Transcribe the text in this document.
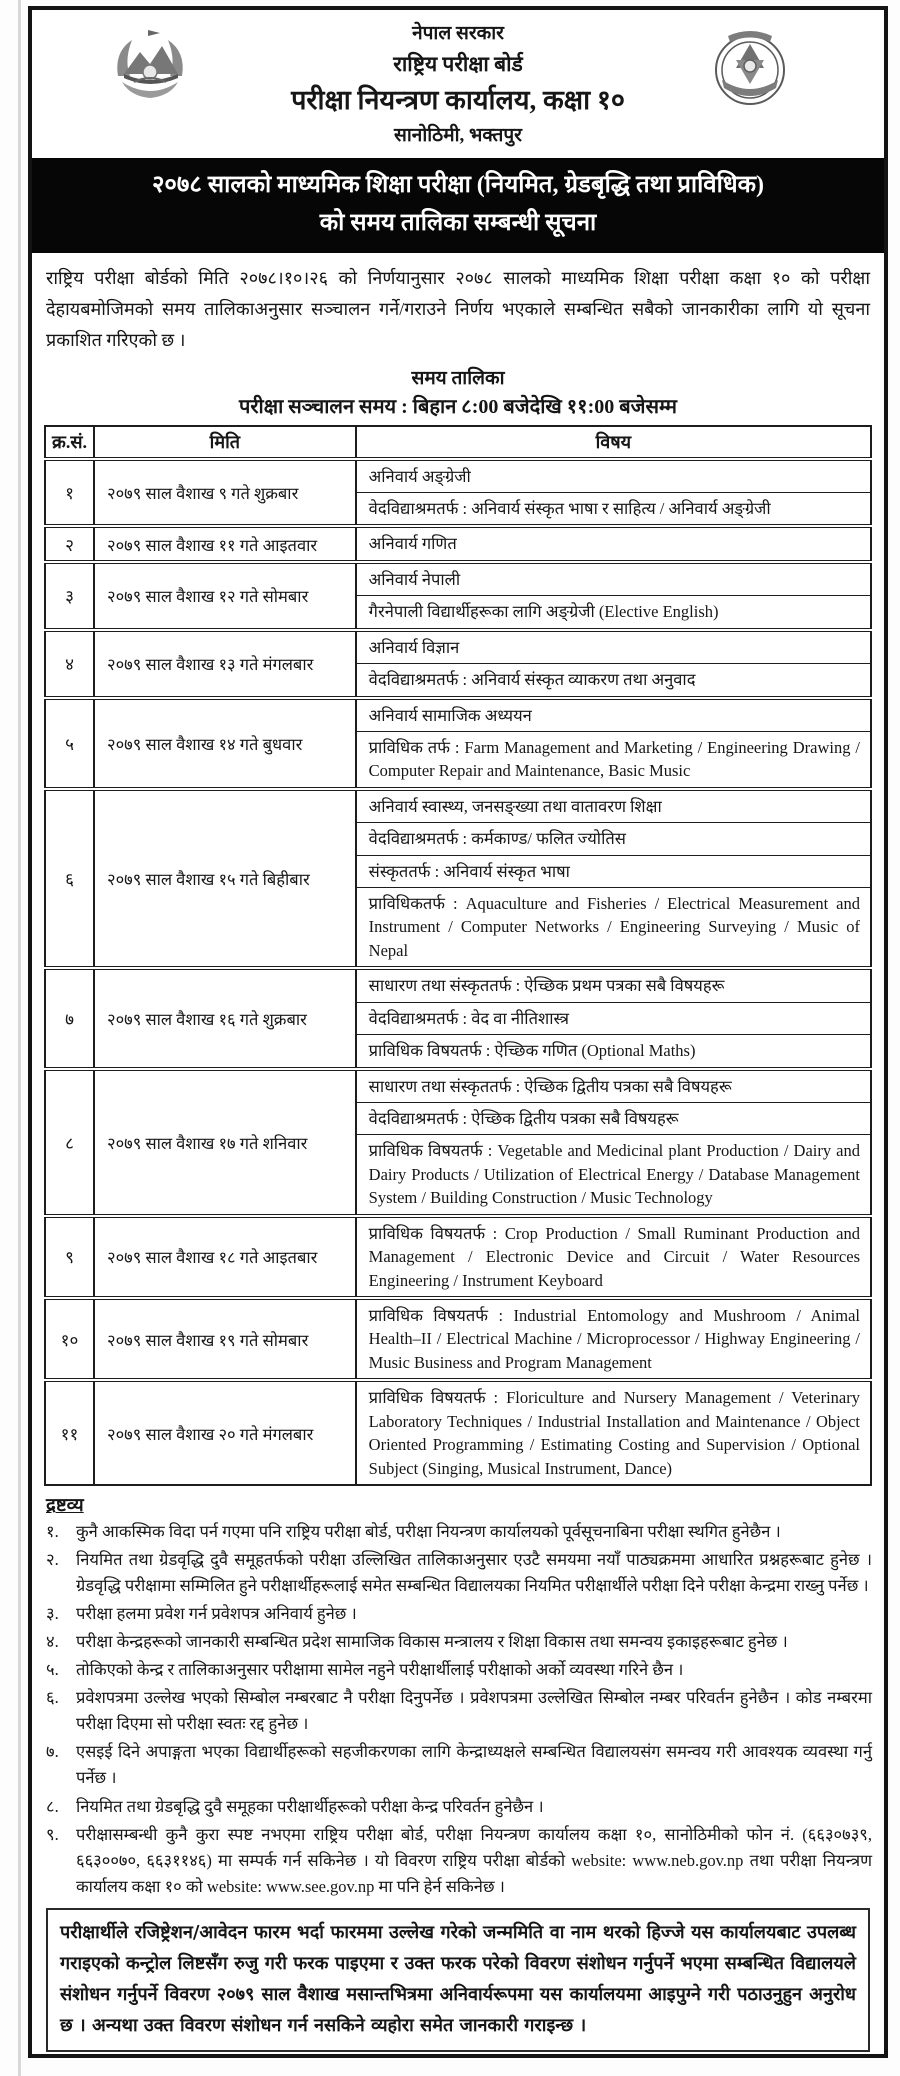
नेपाल सरकार
राष्ट्रिय परीक्षा बोर्ड
परीक्षा नियन्त्रण कार्यालय, कक्षा १०
सानोठिमी, भक्तपुर
२०७८ सालको माध्यमिक शिक्षा परीक्षा (नियमित, ग्रेडबृद्धि तथा प्राविधिक)
को समय तालिका सम्बन्धी सूचना
राष्ट्रिय परीक्षा बोर्डको मिति २०७८।१०।२६ को निर्णयानुसार २०७८ सालको माध्यमिक शिक्षा परीक्षा कक्षा १० को परीक्षा देहायबमोजिमको समय तालिकाअनुसार सञ्चालन गर्ने/गराउने निर्णय भएकाले सम्बन्धित सबैको जानकारीका लागि यो सूचना प्रकाशित गरिएको छ ।
समय तालिका
परीक्षा सञ्चालन समय : बिहान ८:00 बजेदेखि ११:00 बजेसम्म
क्र.सं.	मिति	विषय
१	२०७९ साल वैशाख ९ गते शुक्रबार	अनिवार्य अङ्ग्रेजी
वेदविद्याश्रमतर्फ : अनिवार्य संस्कृत भाषा र साहित्य / अनिवार्य अङ्ग्रेजी

२	२०७९ साल वैशाख ११ गते आइतवार	अनिवार्य गणित

३	२०७९ साल वैशाख १२ गते सोमबार	अनिवार्य नेपाली
गैरनेपाली विद्यार्थीहरूका लागि अङ्ग्रेजी (Elective English)

४	२०७९ साल वैशाख १३ गते मंगलबार	अनिवार्य विज्ञान
वेदविद्याश्रमतर्फ : अनिवार्य संस्कृत व्याकरण तथा अनुवाद

५	२०७९ साल वैशाख १४ गते बुधवार	अनिवार्य सामाजिक अध्ययन
प्राविधिक तर्फ : Farm Management and Marketing / Engineering Drawing / Computer Repair and Maintenance, Basic Music

६	२०७९ साल वैशाख १५ गते बिहीबार	अनिवार्य स्वास्थ्य, जनसङ्ख्या तथा वातावरण शिक्षा
वेदविद्याश्रमतर्फ : कर्मकाण्ड/ फलित ज्योतिस
संस्कृततर्फ : अनिवार्य संस्कृत भाषा
प्राविधिकतर्फ : Aquaculture and Fisheries / Electrical Measurement and Instrument / Computer Networks / Engineering Surveying / Music of Nepal

७	२०७९ साल वैशाख १६ गते शुक्रबार	साधारण तथा संस्कृततर्फ : ऐच्छिक प्रथम पत्रका सबै विषयहरू
वेदविद्याश्रमतर्फ : वेद वा नीतिशास्त्र
प्राविधिक विषयतर्फ : ऐच्छिक गणित (Optional Maths)

८	२०७९ साल वैशाख १७ गते शनिवार	साधारण तथा संस्कृततर्फ : ऐच्छिक द्वितीय पत्रका सबै विषयहरू
वेदविद्याश्रमतर्फ : ऐच्छिक द्वितीय पत्रका सबै विषयहरू
प्राविधिक विषयतर्फ : Vegetable and Medicinal plant Production / Dairy and Dairy Products / Utilization of Electrical Energy / Database Management System / Building Construction / Music Technology

९	२०७९ साल वैशाख १८ गते आइतबार	प्राविधिक विषयतर्फ : Crop Production / Small Ruminant Production and Management / Electronic Device and Circuit / Water Resources Engineering / Instrument Keyboard

१०	२०७९ साल वैशाख १९ गते सोमबार	प्राविधिक विषयतर्फ : Industrial Entomology and Mushroom / Animal Health–II / Electrical Machine / Microprocessor / Highway Engineering / Music Business and Program Management

११	२०७९ साल वैशाख २० गते मंगलबार	प्राविधिक विषयतर्फ : Floriculture and Nursery Management / Veterinary Laboratory Techniques / Industrial Installation and Maintenance / Object Oriented Programming / Estimating Costing and Supervision / Optional Subject (Singing, Musical Instrument, Dance)
द्रष्टव्य
१.	कुनै आकस्मिक विदा पर्न गएमा पनि राष्ट्रिय परीक्षा बोर्ड, परीक्षा नियन्त्रण कार्यालयको पूर्वसूचनाबिना परीक्षा स्थगित हुनेछैन ।
२.	नियमित तथा ग्रेडवृद्धि दुवै समूहतर्फको परीक्षा उल्लिखित तालिकाअनुसार एउटै समयमा नयाँ पाठ्यक्रममा आधारित प्रश्नहरूबाट हुनेछ । ग्रेडवृद्धि परीक्षामा सम्मिलित हुने परीक्षार्थीहरूलाई समेत सम्बन्धित विद्यालयका नियमित परीक्षार्थीले परीक्षा दिने परीक्षा केन्द्रमा राख्नु पर्नेछ ।
३.	परीक्षा हलमा प्रवेश गर्न प्रवेशपत्र अनिवार्य हुनेछ ।
४.	परीक्षा केन्द्रहरूको जानकारी सम्बन्धित प्रदेश सामाजिक विकास मन्त्रालय र शिक्षा विकास तथा समन्वय इकाइहरूबाट हुनेछ ।
५.	तोकिएको केन्द्र र तालिकाअनुसार परीक्षामा सामेल नहुने परीक्षार्थीलाई परीक्षाको अर्को व्यवस्था गरिने छैन ।
६.	प्रवेशपत्रमा उल्लेख भएको सिम्बोल नम्बरबाट नै परीक्षा दिनुपर्नेछ । प्रवेशपत्रमा उल्लेखित सिम्बोल नम्बर परिवर्तन हुनेछैन । कोड नम्बरमा परीक्षा दिएमा सो परीक्षा स्वतः रद्द हुनेछ ।
७.	एसइई दिने अपाङ्गता भएका विद्यार्थीहरूको सहजीकरणका लागि केन्द्राध्यक्षले सम्बन्धित विद्यालयसंग समन्वय गरी आवश्यक व्यवस्था गर्नु पर्नेछ ।
८.	नियमित तथा ग्रेडबृद्धि दुवै समूहका परीक्षार्थीहरूको परीक्षा केन्द्र परिवर्तन हुनेछैन ।
९.	परीक्षासम्बन्धी कुनै कुरा स्पष्ट नभएमा राष्ट्रिय परीक्षा बोर्ड, परीक्षा नियन्त्रण कार्यालय कक्षा १०, सानोठिमीको फोन नं. (६६३०७३९, ६६३००७०, ६६३११४६) मा सम्पर्क गर्न सकिनेछ । यो विवरण राष्ट्रिय परीक्षा बोर्डको website: www.neb.gov.np तथा परीक्षा नियन्त्रण कार्यालय कक्षा १० को website: www.see.gov.np मा पनि हेर्न सकिनेछ ।
परीक्षार्थीले रजिष्ट्रेशन/आवेदन फारम भर्दा फारममा उल्लेख गरेको जन्ममिति वा नाम थरको हिज्जे यस कार्यालयबाट उपलब्ध गराइएको कन्ट्रोल लिष्टसँग रुजु गरी फरक पाइएमा र उक्त फरक परेको विवरण संशोधन गर्नुपर्ने भएमा सम्बन्धित विद्यालयले संशोधन गर्नुपर्ने विवरण २०७९ साल वैशाख मसान्तभित्रमा अनिवार्यरूपमा यस कार्यालयमा आइपुग्ने गरी पठाउनुहुन अनुरोध छ । अन्यथा उक्त विवरण संशोधन गर्न नसकिने व्यहोरा समेत जानकारी गराइन्छ ।
